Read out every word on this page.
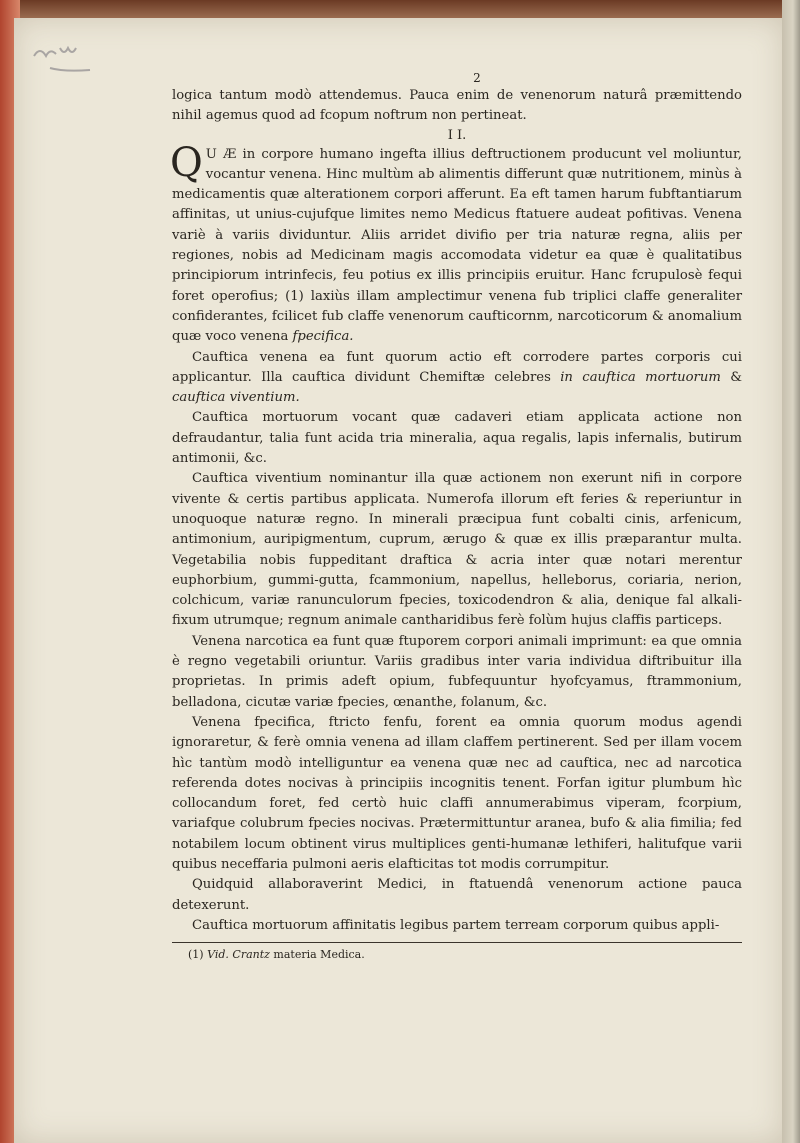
2

logica tantum modò attendemus. Pauca enim de venenorum naturâ præmittendo nihil agemus quod ad fcopum noftrum non pertineat.

I I.

Q U Æ in corpore humano ingefta illius deftructionem producunt vel moliuntur, vocantur venena. Hinc multùm ab alimentis differunt quæ nutritionem, minùs à medicamentis quæ alterationem corpori afferunt. Ea eft tamen harum fubftantiarum affinitas, ut unius-cujufque limites nemo Medicus ftatuere audeat pofitivas. Venena variè à variis dividuntur. Aliis arridet divifio per tria naturæ regna, aliis per regiones, nobis ad Medicinam magis accomodata videtur ea quæ è qualitatibus principiorum intrinfecis, feu potius ex illis principiis eruitur. Hanc fcrupulosè fequi foret operofius; (1) laxiùs illam amplectimur venena fub triplici claffe generaliter confiderantes, fcilicet fub claffe venenorum caufticornm, narcoticorum & anomalium quæ voco venena fpecifica.

Cauftica venena ea funt quorum actio eft corrodere partes corporis cui applicantur. Illa cauftica dividunt Chemiftæ celebres in cauftica mortuorum & cauftica viventium.

Cauftica mortuorum vocant quæ cadaveri etiam applicata actione non defraudantur, talia funt acida tria mineralia, aqua regalis, lapis infernalis, butirum antimonii, &c.

Cauftica viventium nominantur illa quæ actionem non exerunt nifi in corpore vivente & certis partibus applicata. Numerofa illorum eft feries & reperiuntur in unoquoque naturæ regno. In minerali præcipua funt cobalti cinis, arfenicum, antimonium, auripigmentum, cuprum, ærugo & quæ ex illis præparantur multa. Vegetabilia nobis fuppeditant draftica & acria inter quæ notari merentur euphorbium, gummi-gutta, fcammonium, napellus, helleborus, coriaria, nerion, colchicum, variæ ranunculorum fpecies, toxicodendron & alia, denique fal alkali-fixum utrumque; regnum animale cantharidibus ferè folùm hujus claffis particeps.

Venena narcotica ea funt quæ ftuporem corpori animali imprimunt: ea que omnia è regno vegetabili oriuntur. Variis gradibus inter varia individua diftribuitur illa proprietas. In primis adeft opium, fubfequuntur hyofcyamus, ftrammonium, belladona, cicutæ variæ fpecies, œnanthe, folanum, &c.

Venena fpecifica, ftricto fenfu, forent ea omnia quorum modus agendi ignoraretur, & ferè omnia venena ad illam claffem pertinerent. Sed per illam vocem hìc tantùm modò intelliguntur ea venena quæ nec ad cauftica, nec ad narcotica referenda dotes nocivas à principiis incognitis tenent. Forfan igitur plumbum hìc collocandum foret, fed certò huic claffi annumerabimus viperam, fcorpium, variafque colubrum fpecies nocivas. Prætermittuntur aranea, bufo & alia fimilia; fed notabilem locum obtinent virus multiplices genti-humanæ lethiferi, halitufque varii quibus neceffaria pulmoni aeris elafticitas tot modis corrumpitur.

Quidquid allaboraverint Medici, in ftatuendâ venenorum actione pauca detexerunt.

Cauftica mortuorum affinitatis legibus partem terream corporum quibus appli-

(1) Vid. Crantz materia Medica.
